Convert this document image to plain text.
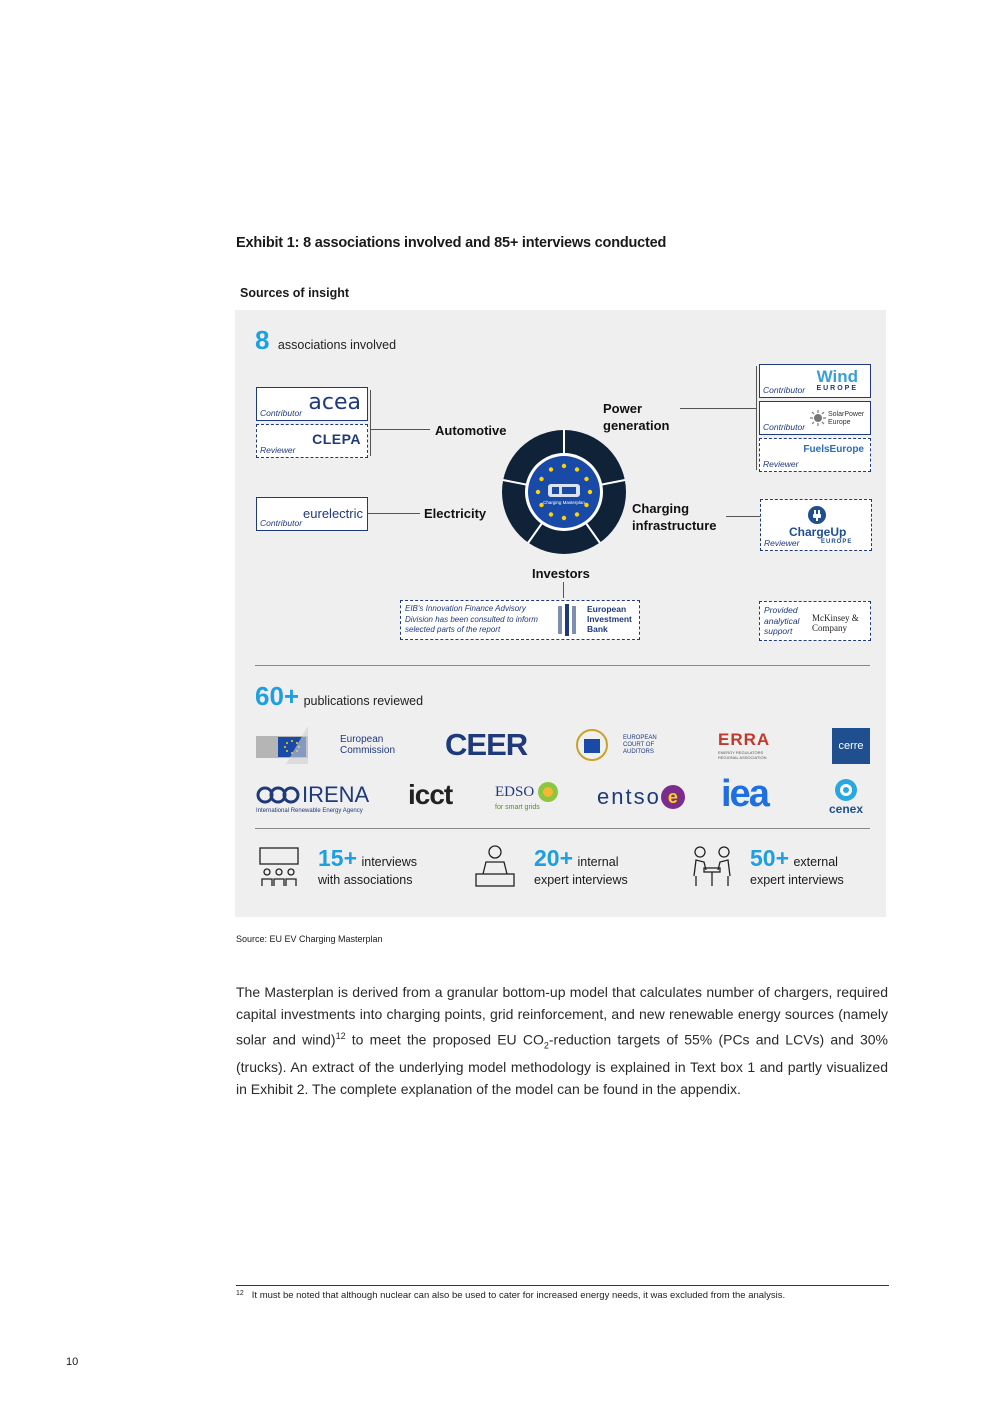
Exhibit 1: 8 associations involved and 85+ interviews conducted
Sources of insight
8 associations involved
acea
Contributor
CLEPA
Reviewer
eurelectric
Contributor
Wind
EUROPE
Contributor
SolarPower Europe
Contributor
FuelsEurope
Reviewer
ChargeUp
EUROPE
Reviewer
EIB's Innovation Finance Advisory Division has been consulted to inform selected parts of the report
European Investment Bank
Provided analytical support
McKinsey & Company
Automotive
Power generation
Electricity	Charging infrastructure
Investors
Charging Masterplan
60+ publications reviewed
European Commission CEER	EUROPEAN COURT OF AUDITORS
ERRA
ENERGY REGULATORS REGIONAL ASSOCIATION
cerre
IRENA
International Renewable Energy Agency
icct	EDSO
for smart grids	entso e iea	cenex
15+ interviews
with associations
20+ internal
expert interviews
50+ external
expert interviews
Source: EU EV Charging Masterplan
The Masterplan is derived from a granular bottom-up model that calculates number of chargers, required capital investments into charging points, grid reinforcement, and new renewable energy sources (namely solar and wind)$^{12}$ to meet the proposed EU $CO_2$-reduction targets of 55% (PCs and LCVs) and 30% (trucks). An extract of the underlying model methodology is explained in Text box 1 and partly visualized in Exhibit 2. The complete explanation of the model can be found in the appendix.
$^{12}$ It must be noted that although nuclear can also be used to cater for increased energy needs, it was excluded from the analysis.
10
